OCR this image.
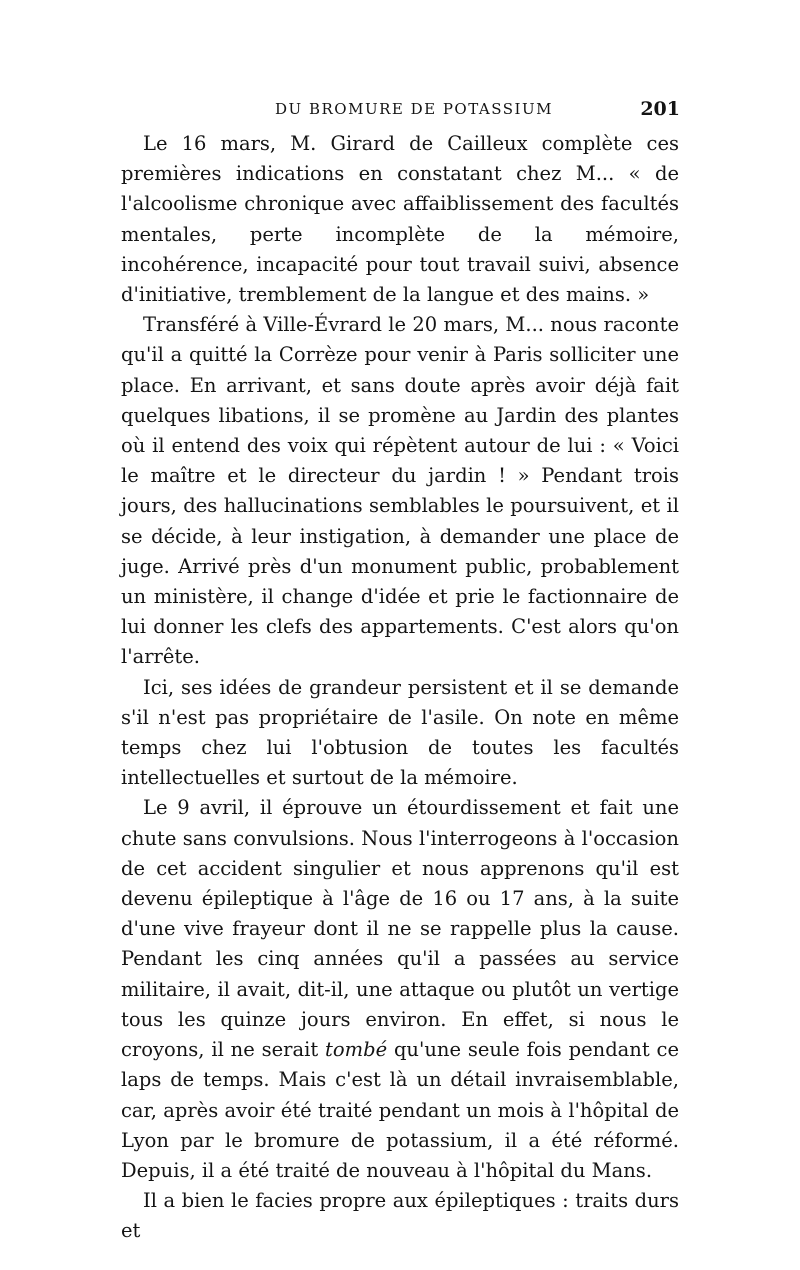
DU BROMURE DE POTASSIUM	201

Le 16 mars, M. Girard de Cailleux complète ces premières indications en constatant chez M... « de l'alcoolisme chronique avec affaiblissement des facultés mentales, perte incomplète de la mémoire, incohérence, incapacité pour tout travail suivi, absence d'initiative, tremblement de la langue et des mains. »

Transféré à Ville-Évrard le 20 mars, M... nous raconte qu'il a quitté la Corrèze pour venir à Paris solliciter une place. En arrivant, et sans doute après avoir déjà fait quelques libations, il se promène au Jardin des plantes où il entend des voix qui répètent autour de lui : « Voici le maître et le directeur du jardin ! » Pendant trois jours, des hallucinations semblables le poursuivent, et il se décide, à leur instigation, à demander une place de juge. Arrivé près d'un monument public, probablement un ministère, il change d'idée et prie le factionnaire de lui donner les clefs des appartements. C'est alors qu'on l'arrête.

Ici, ses idées de grandeur persistent et il se demande s'il n'est pas propriétaire de l'asile. On note en même temps chez lui l'obtusion de toutes les facultés intellectuelles et surtout de la mémoire.

Le 9 avril, il éprouve un étourdissement et fait une chute sans convulsions. Nous l'interrogeons à l'occasion de cet accident singulier et nous apprenons qu'il est devenu épileptique à l'âge de 16 ou 17 ans, à la suite d'une vive frayeur dont il ne se rappelle plus la cause. Pendant les cinq années qu'il a passées au service militaire, il avait, dit-il, une attaque ou plutôt un vertige tous les quinze jours environ. En effet, si nous le croyons, il ne serait tombé qu'une seule fois pendant ce laps de temps. Mais c'est là un détail invraisemblable, car, après avoir été traité pendant un mois à l'hôpital de Lyon par le bromure de potassium, il a été réformé. Depuis, il a été traité de nouveau à l'hôpital du Mans.

Il a bien le facies propre aux épileptiques : traits durs et
